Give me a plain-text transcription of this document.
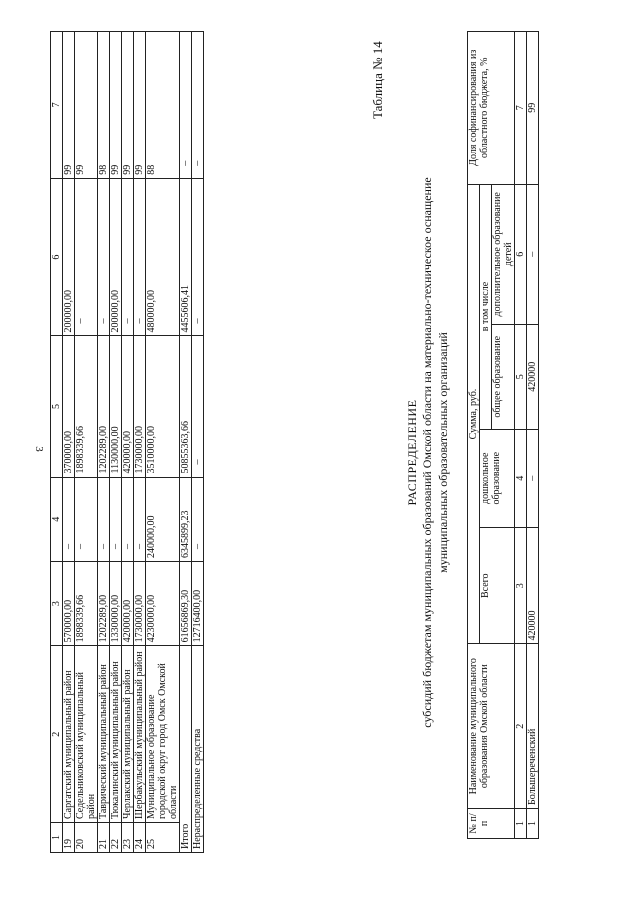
3
1	2	3	4	5	6	7
19	Саргатский муниципальный район	570000,00	–	370000,00	200000,00	99
20	Седельниковский муниципальный район	1898339,66	–	1898339,66	–	99
21	Таврический муниципальный район	1202289,00	–	1202289,00	–	98
22	Тюкалинский муниципальный район	1330000,00	–	1130000,00	200000,00	99
23	Черлакский муниципальный район	420000,00	–	420000,00	–	99
24	Шербакульский муниципальный район	1730000,00	–	1730000,00	–	99
25	Муниципальное образование городской округ город Омск Омской области	4230000,00	240000,00	3510000,00	480000,00	88
Итого		61656869,30	6345899,23	50855363,66	4455606,41	–
Нераспределенные средства		12716400,00	–	–	–	–
Таблица № 14
РАСПРЕДЕЛЕНИЕ субсидий бюджетам муниципальных образований Омской области на материально-техническое оснащение муниципальных образовательных организаций
№ п/п	Наименование муниципального образования Омской области	Сумма, руб.				Доля софинансирования из областного бюджета, %
		Всего	дошкольное образование	в том числе		
				общее образование	дополнительное образование детей	
1	2	3	4	5	6	7
1	Большереченский	420000	–	420000	–	99
